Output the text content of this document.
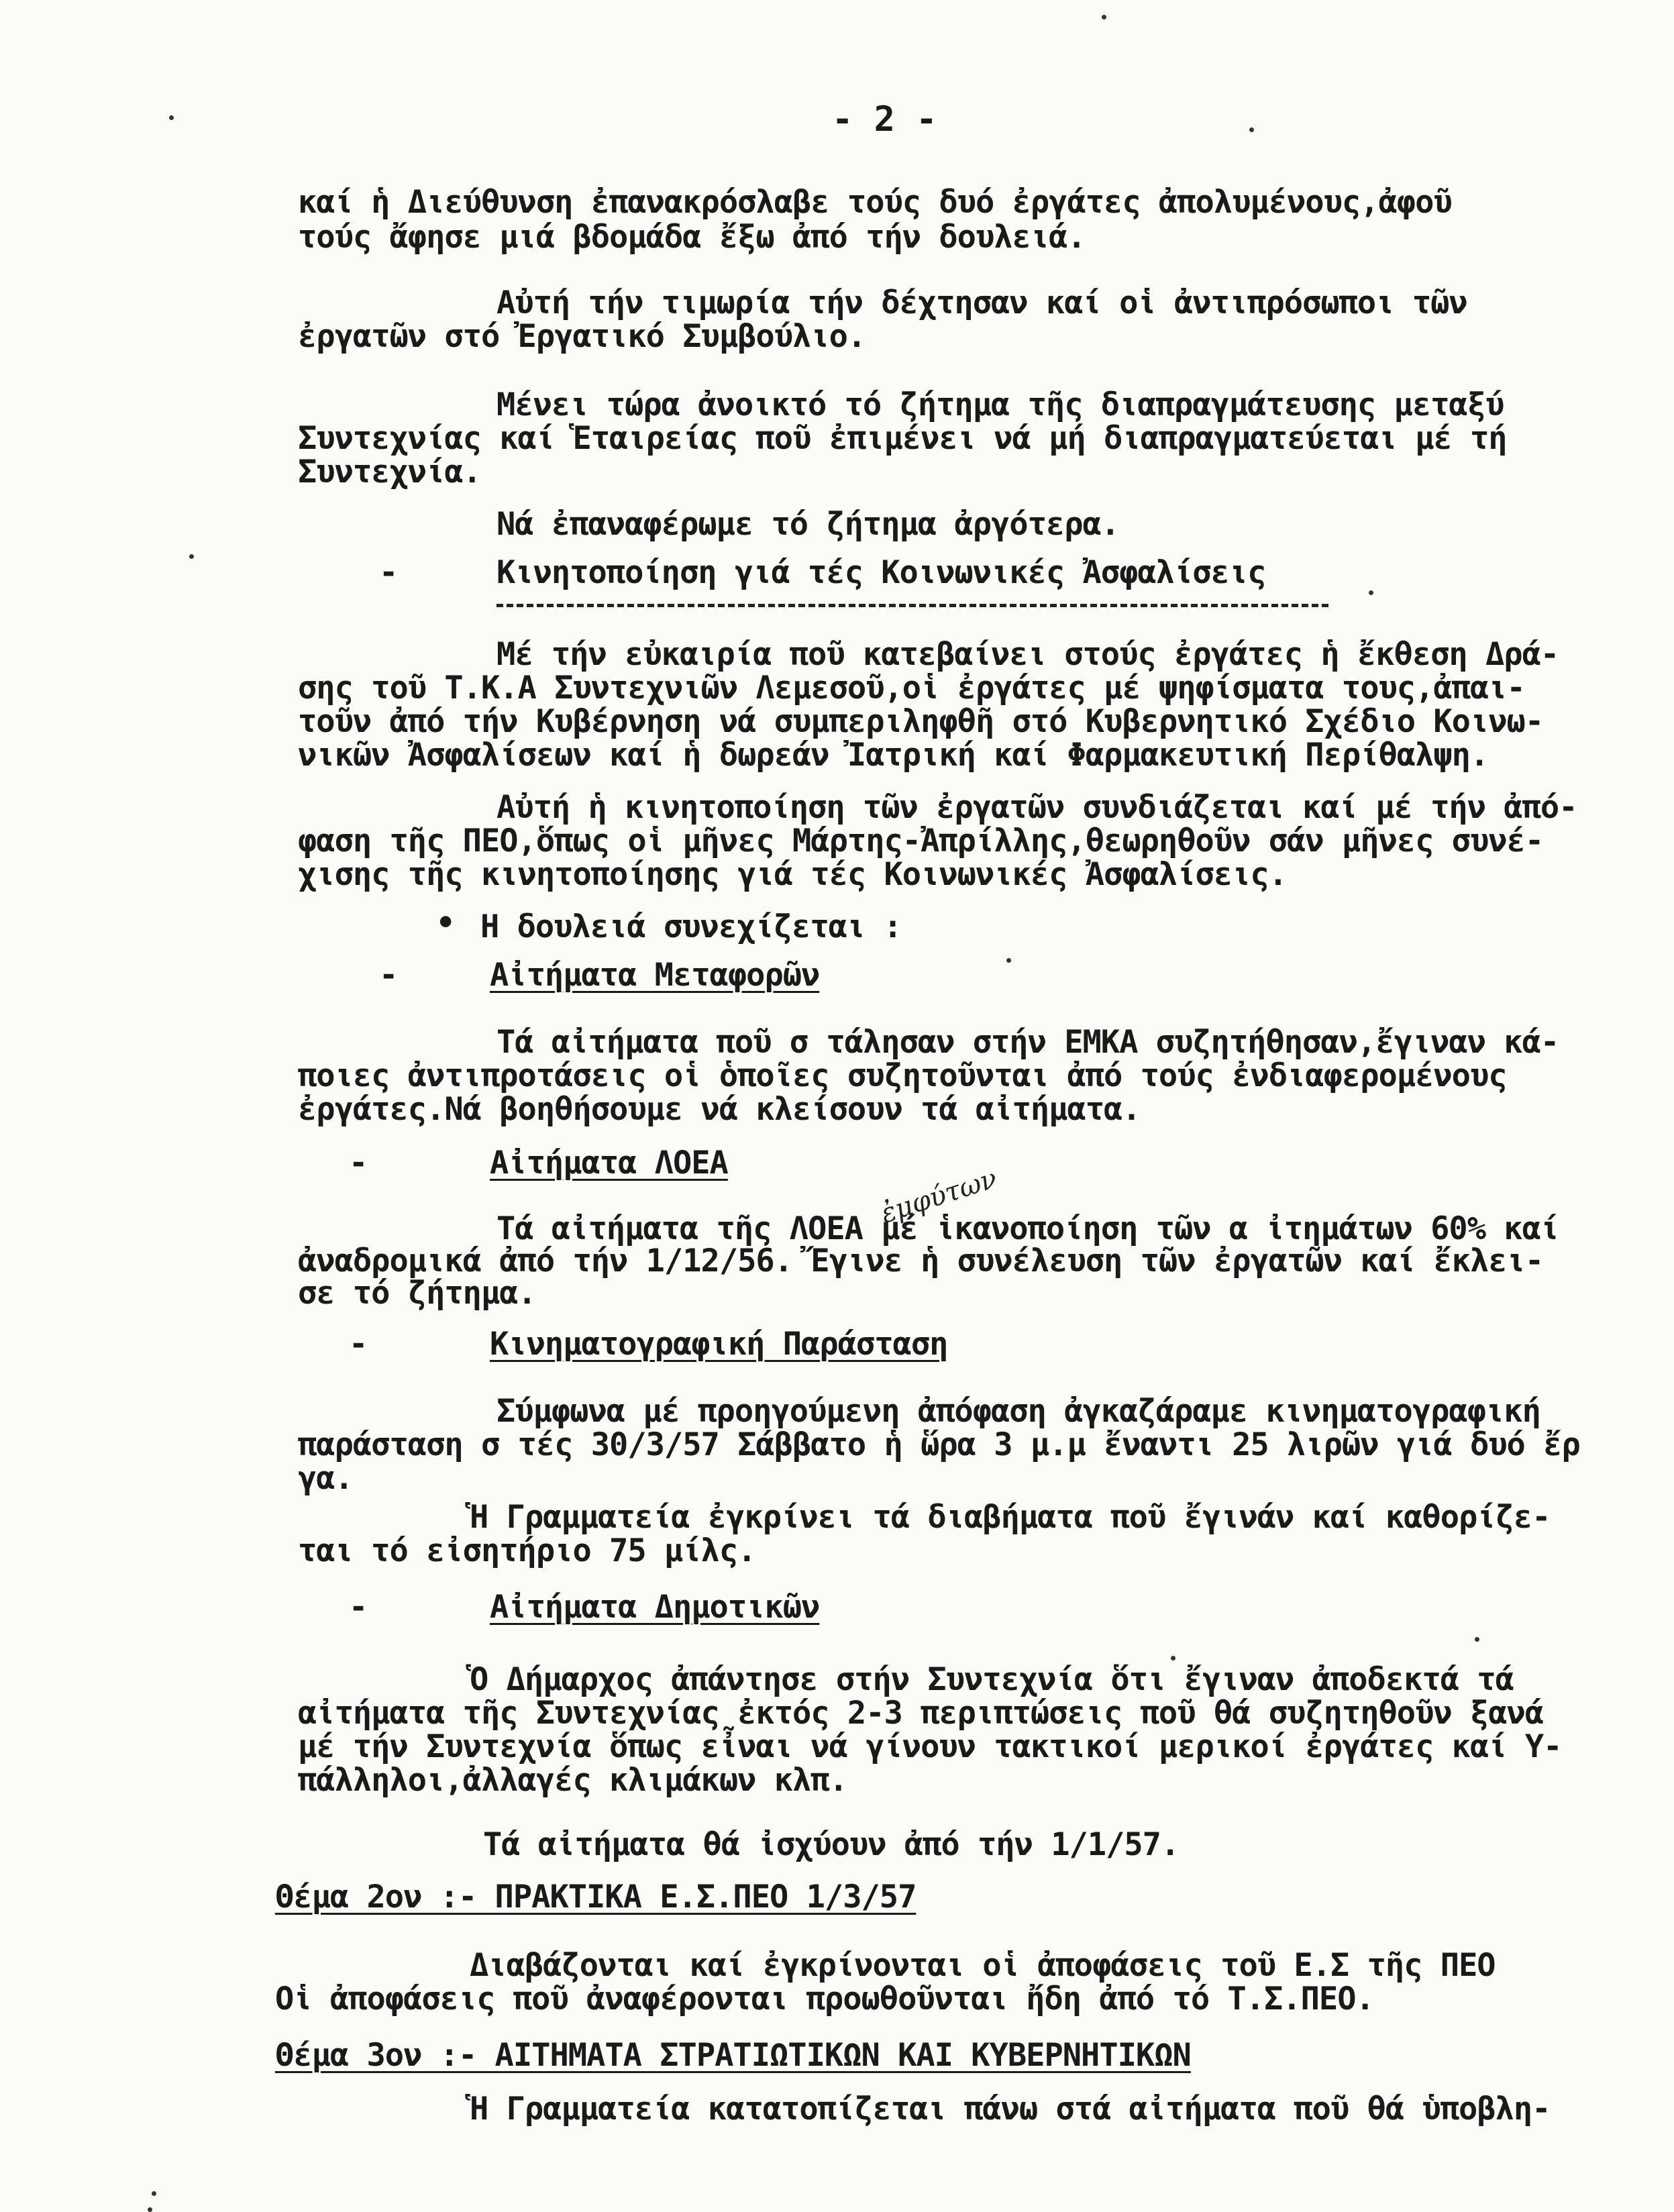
- 2 -
καί ἡ Διεύθυνση ἐπανακρόσλαβε τούς δυό ἐργάτες ἀπολυμένους,ἀφοῦ
τούς ἄφησε μιά βδομάδα ἔξω ἀπό τήν δουλειά.
Αὐτή τήν τιμωρία τήν δέχτησαν καί οἱ ἀντιπρόσωποι τῶν
ἐργατῶν στό Ἐργατικό Συμβούλιο.
Μένει τώρα ἀνοικτό τό ζήτημα τῆς διαπραγμάτευσης μεταξύ
Συντεχνίας καί Ἑταιρείας ποῦ ἐπιμένει νά μή διαπραγματεύεται μέ τή
Συντεχνία.
Νά ἐπαναφέρωμε τό ζήτημα ἀργότερα.
-	Κινητοποίηση γιά τές Κοινωνικές Ἀσφαλίσεις
Μέ τήν εὐκαιρία ποῦ κατεβαίνει στούς ἐργάτες ἡ ἔκθεση Δρά-
σης τοῦ Τ.Κ.Α Συντεχνιῶν Λεμεσοῦ,οἱ ἐργάτες μέ ψηφίσματα τους,ἀπαι-
τοῦν ἀπό τήν Κυβέρνηση νά συμπεριληφθῆ στό Κυβερνητικό Σχέδιο Κοινω-
νικῶν Ἀσφαλίσεων καί ἡ δωρεάν Ἰατρική καί Φαρμακευτική Περίθαλψη.
Αὐτή ἡ κινητοποίηση τῶν ἐργατῶν συνδιάζεται καί μέ τήν ἀπό-
φαση τῆς ΠΕΟ,ὅπως οἱ μῆνες Μάρτης-Ἀπρίλλης,θεωρηθοῦν σάν μῆνες συνέ-
χισης τῆς κινητοποίησης γιά τές Κοινωνικές Ἀσφαλίσεις.
• Η δουλειά συνεχίζεται :
-	Αἰτήματα Μεταφορῶν
Τά αἰτήματα ποῦ σ τάλησαν στήν ΕΜΚΑ συζητήθησαν,ἔγιναν κά-
ποιες ἀντιπροτάσεις οἱ ὁποῖες συζητοῦνται ἀπό τούς ἐνδιαφερομένους
ἐργάτες.Νά βοηθήσουμε νά κλείσουν τά αἰτήματα.
-	Αἰτήματα ΛΟΕΑ	ἐμφύτων
Τά αἰτήματα τῆς ΛΟΕΑ μέ ἱκανοποίηση τῶν α ἰτημάτων 60% καί
ἀναδρομικά ἀπό τήν 1/12/56. Ἔγινε ἡ συνέλευση τῶν ἐργατῶν καί ἔκλει-
σε τό ζήτημα.
-	Κινηματογραφική Παράσταση
Σύμφωνα μέ προηγούμενη ἀπόφαση ἀγκαζάραμε κινηματογραφική
παράσταση σ τές 30/3/57 Σάββατο ἡ ὥρα 3 μ.μ ἔναντι 25 λιρῶν γιά δυό ἔρ
γα.
Ἡ Γραμματεία ἐγκρίνει τά διαβήματα ποῦ ἔγινάν καί καθορίζε-
ται τό εἰσητήριο 75 μίλς.
-	Αἰτήματα Δημοτικῶν
Ὁ Δήμαρχος ἀπάντησε στήν Συντεχνία ὅτι ἔγιναν ἀποδεκτά τά
αἰτήματα τῆς Συντεχνίας ἐκτός 2-3 περιπτώσεις ποῦ θά συζητηθοῦν ξανά
μέ τήν Συντεχνία ὅπως εἶναι νά γίνουν τακτικοί μερικοί ἐργάτες καί Υ-
πάλληλοι,ἀλλαγές κλιμάκων κλπ.
Τά αἰτήματα θά ἰσχύουν ἀπό τήν 1/1/57.
Θέμα 2ον :- ΠΡΑΚΤΙΚΑ Ε.Σ.ΠΕΟ 1/3/57
Διαβάζονται καί ἐγκρίνονται οἱ ἀποφάσεις τοῦ Ε.Σ τῆς ΠΕΟ
Οἱ ἀποφάσεις ποῦ ἀναφέρονται προωθοῦνται ἤδη ἀπό τό Τ.Σ.ΠΕΟ.
Θέμα 3ον :- ΑΙΤΗΜΑΤΑ ΣΤΡΑΤΙΩΤΙΚΩΝ ΚΑΙ ΚΥΒΕΡΝΗΤΙΚΩΝ
Ἡ Γραμματεία κατατοπίζεται πάνω στά αἰτήματα ποῦ θά ὑποβλη-
